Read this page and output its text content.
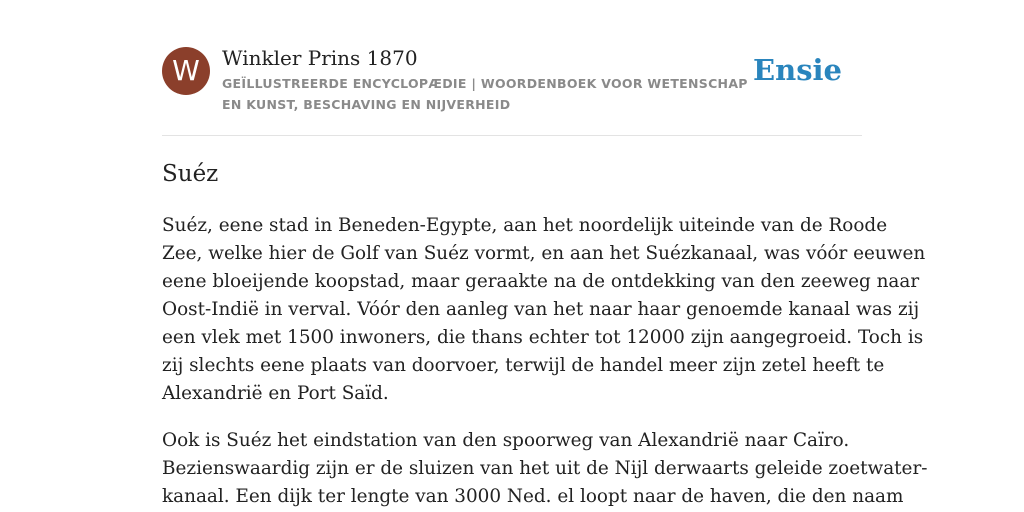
W	Winkler Prins 1870
GEÏLLUSTREERDE ENCYCLOPÆDIE | WOORDENBOEK VOOR WETENSCHAP EN KUNST, BESCHAVING EN NIJVERHEID
Ensie
Suéz

Suéz, eene stad in Beneden-Egypte, aan het noordelijk uiteinde van de Roode
Zee, welke hier de Golf van Suéz vormt, en aan het Suézkanaal, was vóór eeuwen
eene bloeijende koopstad, maar geraakte na de ontdekking van den zeeweg naar
Oost-Indië in verval. Vóór den aanleg van het naar haar genoemde kanaal was zij
een vlek met 1500 inwoners, die thans echter tot 12000 zijn aangegroeid. Toch is
zij slechts eene plaats van doorvoer, terwijl de handel meer zijn zetel heeft te
Alexandrië en Port Saïd.

Ook is Suéz het eindstation van den spoorweg van Alexandrië naar Caïro.
Bezienswaardig zijn er de sluizen van het uit de Nijl derwaarts geleide zoetwater-
kanaal. Een dijk ter lengte van 3000 Ned. el loopt naar de haven, die den naam
